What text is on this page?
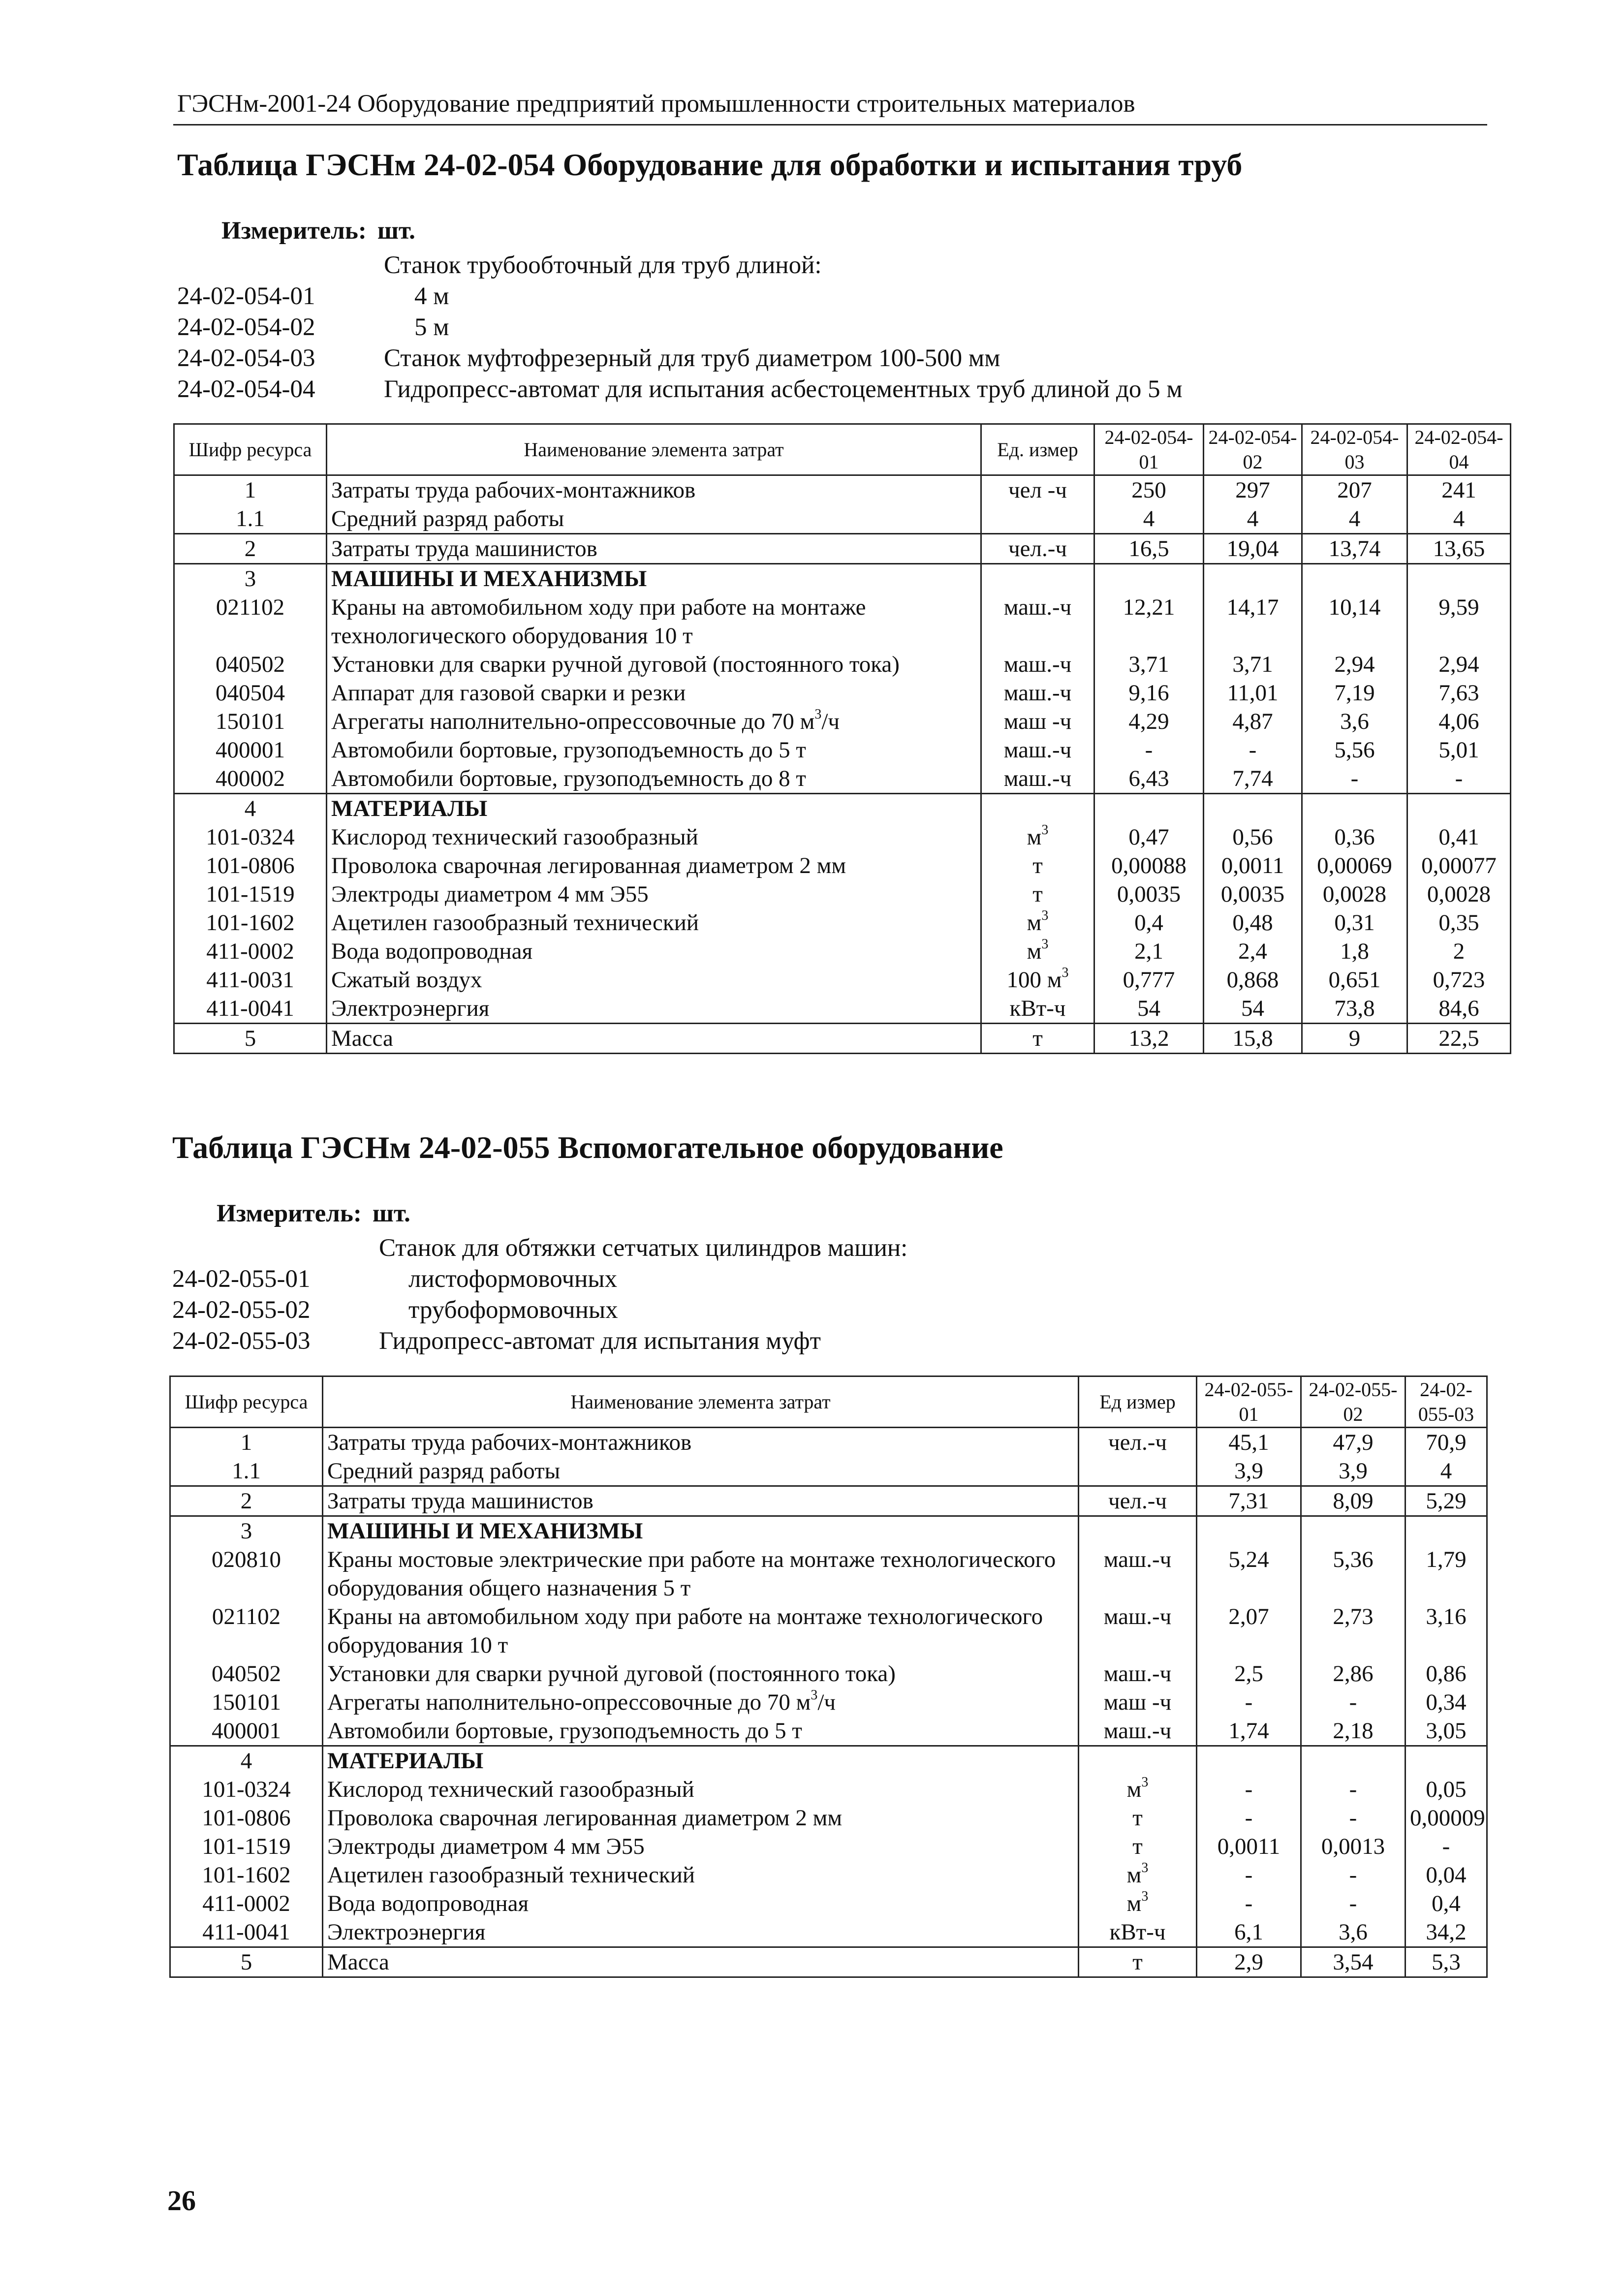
ГЭСНм-2001-24 Оборудование предприятий промышленности строительных материалов
Таблица ГЭСНм 24-02-054 Оборудование для обработки и испытания труб
Измеритель: шт.
Станок трубообточный для труб длиной:
24-02-054-01	4 м
24-02-054-02	5 м
24-02-054-03	Станок муфтофрезерный для труб диаметром 100-500 мм
24-02-054-04	Гидропресс-автомат для испытания асбестоцементных труб длиной до 5 м
Шифр ресурса	Наименование элемента затрат	Ед. измер	24-02-054-01	24-02-054-02	24-02-054-03	24-02-054-04
1	Затраты труда рабочих-монтажников	чел -ч	250	297	207	241
1.1	Средний разряд работы		4	4	4	4
2	Затраты труда машинистов	чел.-ч	16,5	19,04	13,74	13,65
3	МАШИНЫ И МЕХАНИЗМЫ					
021102	Краны на автомобильном ходу при работе на монтаже технологического оборудования 10 т	маш.-ч	12,21	14,17	10,14	9,59
040502	Установки для сварки ручной дуговой (постоянного тока)	маш.-ч	3,71	3,71	2,94	2,94
040504	Аппарат для газовой сварки и резки	маш.-ч	9,16	11,01	7,19	7,63
150101	Агрегаты наполнительно-опрессовочные до 70 $м^3/ч$	маш -ч	4,29	4,87	3,6	4,06
400001	Автомобили бортовые, грузоподъемность до 5 т	маш.-ч	-	-	5,56	5,01
400002	Автомобили бортовые, грузоподъемность до 8 т	маш.-ч	6,43	7,74	-	-
4	МАТЕРИАЛЫ					
101-0324	Кислород технический газообразный	$м^3$	0,47	0,56	0,36	0,41
101-0806	Проволока сварочная легированная диаметром 2 мм	т	0,00088	0,0011	0,00069	0,00077
101-1519	Электроды диаметром 4 мм Э55	т	0,0035	0,0035	0,0028	0,0028
101-1602	Ацетилен газообразный технический	$м^3$	0,4	0,48	0,31	0,35
411-0002	Вода водопроводная	$м^3$	2,1	2,4	1,8	2
411-0031	Сжатый воздух	100 $м^3$	0,777	0,868	0,651	0,723
411-0041	Электроэнергия	кВт-ч	54	54	73,8	84,6
5	Масса	т	13,2	15,8	9	22,5
Таблица ГЭСНм 24-02-055 Вспомогательное оборудование
Измеритель: шт.
Станок для обтяжки сетчатых цилиндров машин:
24-02-055-01	листоформовочных
24-02-055-02	трубоформовочных
24-02-055-03	Гидропресс-автомат для испытания муфт
Шифр ресурса	Наименование элемента затрат	Ед измер	24-02-055-01	24-02-055-02	24-02-055-03
1	Затраты труда рабочих-монтажников	чел.-ч	45,1	47,9	70,9
1.1	Средний разряд работы		3,9	3,9	4
2	Затраты труда машинистов	чел.-ч	7,31	8,09	5,29
3	МАШИНЫ И МЕХАНИЗМЫ				
020810	Краны мостовые электрические при работе на монтаже технологического оборудования общего назначения 5 т	маш.-ч	5,24	5,36	1,79
021102	Краны на автомобильном ходу при работе на монтаже технологического оборудования 10 т	маш.-ч	2,07	2,73	3,16
040502	Установки для сварки ручной дуговой (постоянного тока)	маш.-ч	2,5	2,86	0,86
150101	Агрегаты наполнительно-опрессовочные до 70 $м^3/ч$	маш -ч	-	-	0,34
400001	Автомобили бортовые, грузоподъемность до 5 т	маш.-ч	1,74	2,18	3,05
4	МАТЕРИАЛЫ				
101-0324	Кислород технический газообразный	$м^3$	-	-	0,05
101-0806	Проволока сварочная легированная диаметром 2 мм	т	-	-	0,00009
101-1519	Электроды диаметром 4 мм Э55	т	0,0011	0,0013	-
101-1602	Ацетилен газообразный технический	$м^3$	-	-	0,04
411-0002	Вода водопроводная	$м^3$	-	-	0,4
411-0041	Электроэнергия	кВт-ч	6,1	3,6	34,2
5	Масса	т	2,9	3,54	5,3
26
